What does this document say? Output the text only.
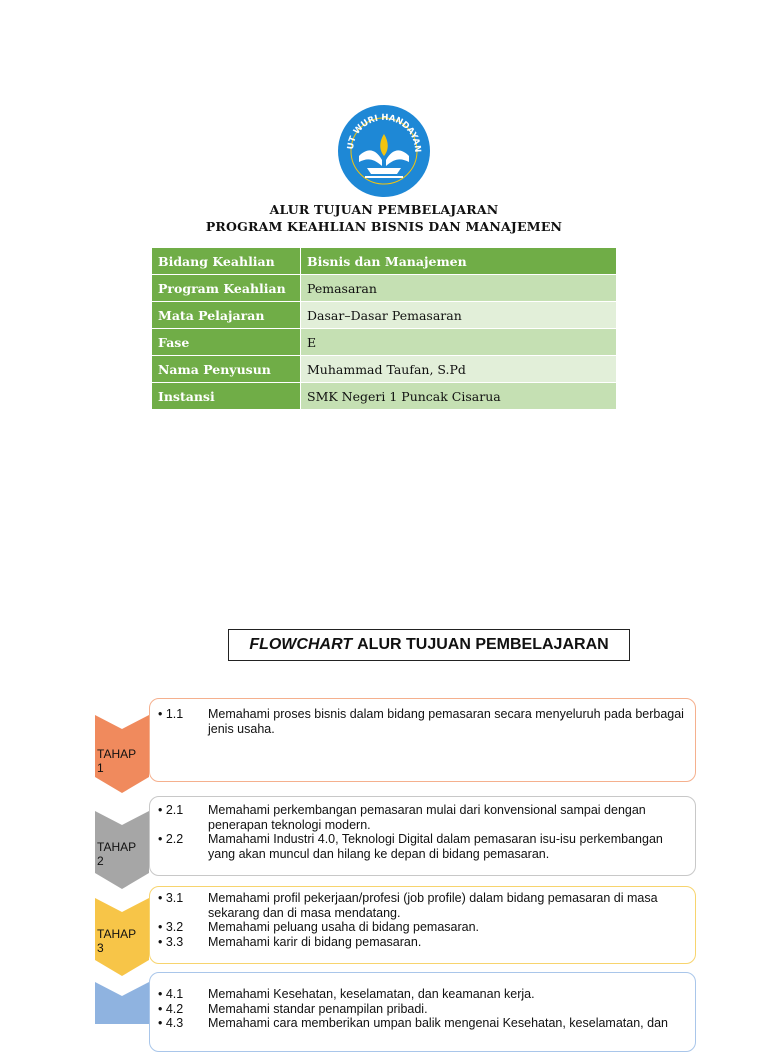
UT WURI HANDAYAN
ALUR TUJUAN PEMBELAJARAN
PROGRAM KEAHLIAN BISNIS DAN MANAJEMEN
Bidang Keahlian	Bisnis dan Manajemen
Program Keahlian	Pemasaran
Mata Pelajaran	Dasar–Dasar Pemasaran
Fase	E
Nama Penyusun	Muhammad Taufan, S.Pd
Instansi	SMK Negeri 1 Puncak Cisarua
FLOWCHART ALUR TUJUAN PEMBELAJARAN
TAHAP
1
• 1.1	Memahami proses bisnis dalam bidang pemasaran secara menyeluruh pada berbagai jenis usaha.
TAHAP
2
• 2.1	Memahami perkembangan pemasaran mulai dari konvensional sampai dengan penerapan teknologi modern.
• 2.2	Mamahami Industri 4.0, Teknologi Digital dalam pemasaran isu-isu perkembangan yang akan muncul dan hilang ke depan di bidang pemasaran.
TAHAP
3
• 3.1	Memahami profil pekerjaan/profesi (job profile) dalam bidang pemasaran di masa sekarang dan di masa mendatang.
• 3.2	Memahami peluang usaha di bidang pemasaran.
• 3.3	Memahami karir di bidang pemasaran.
• 4.1	Memahami Kesehatan, keselamatan, dan keamanan kerja.
• 4.2	Memahami standar penampilan pribadi.
• 4.3	Memahami cara memberikan umpan balik mengenai Kesehatan, keselamatan, dan
